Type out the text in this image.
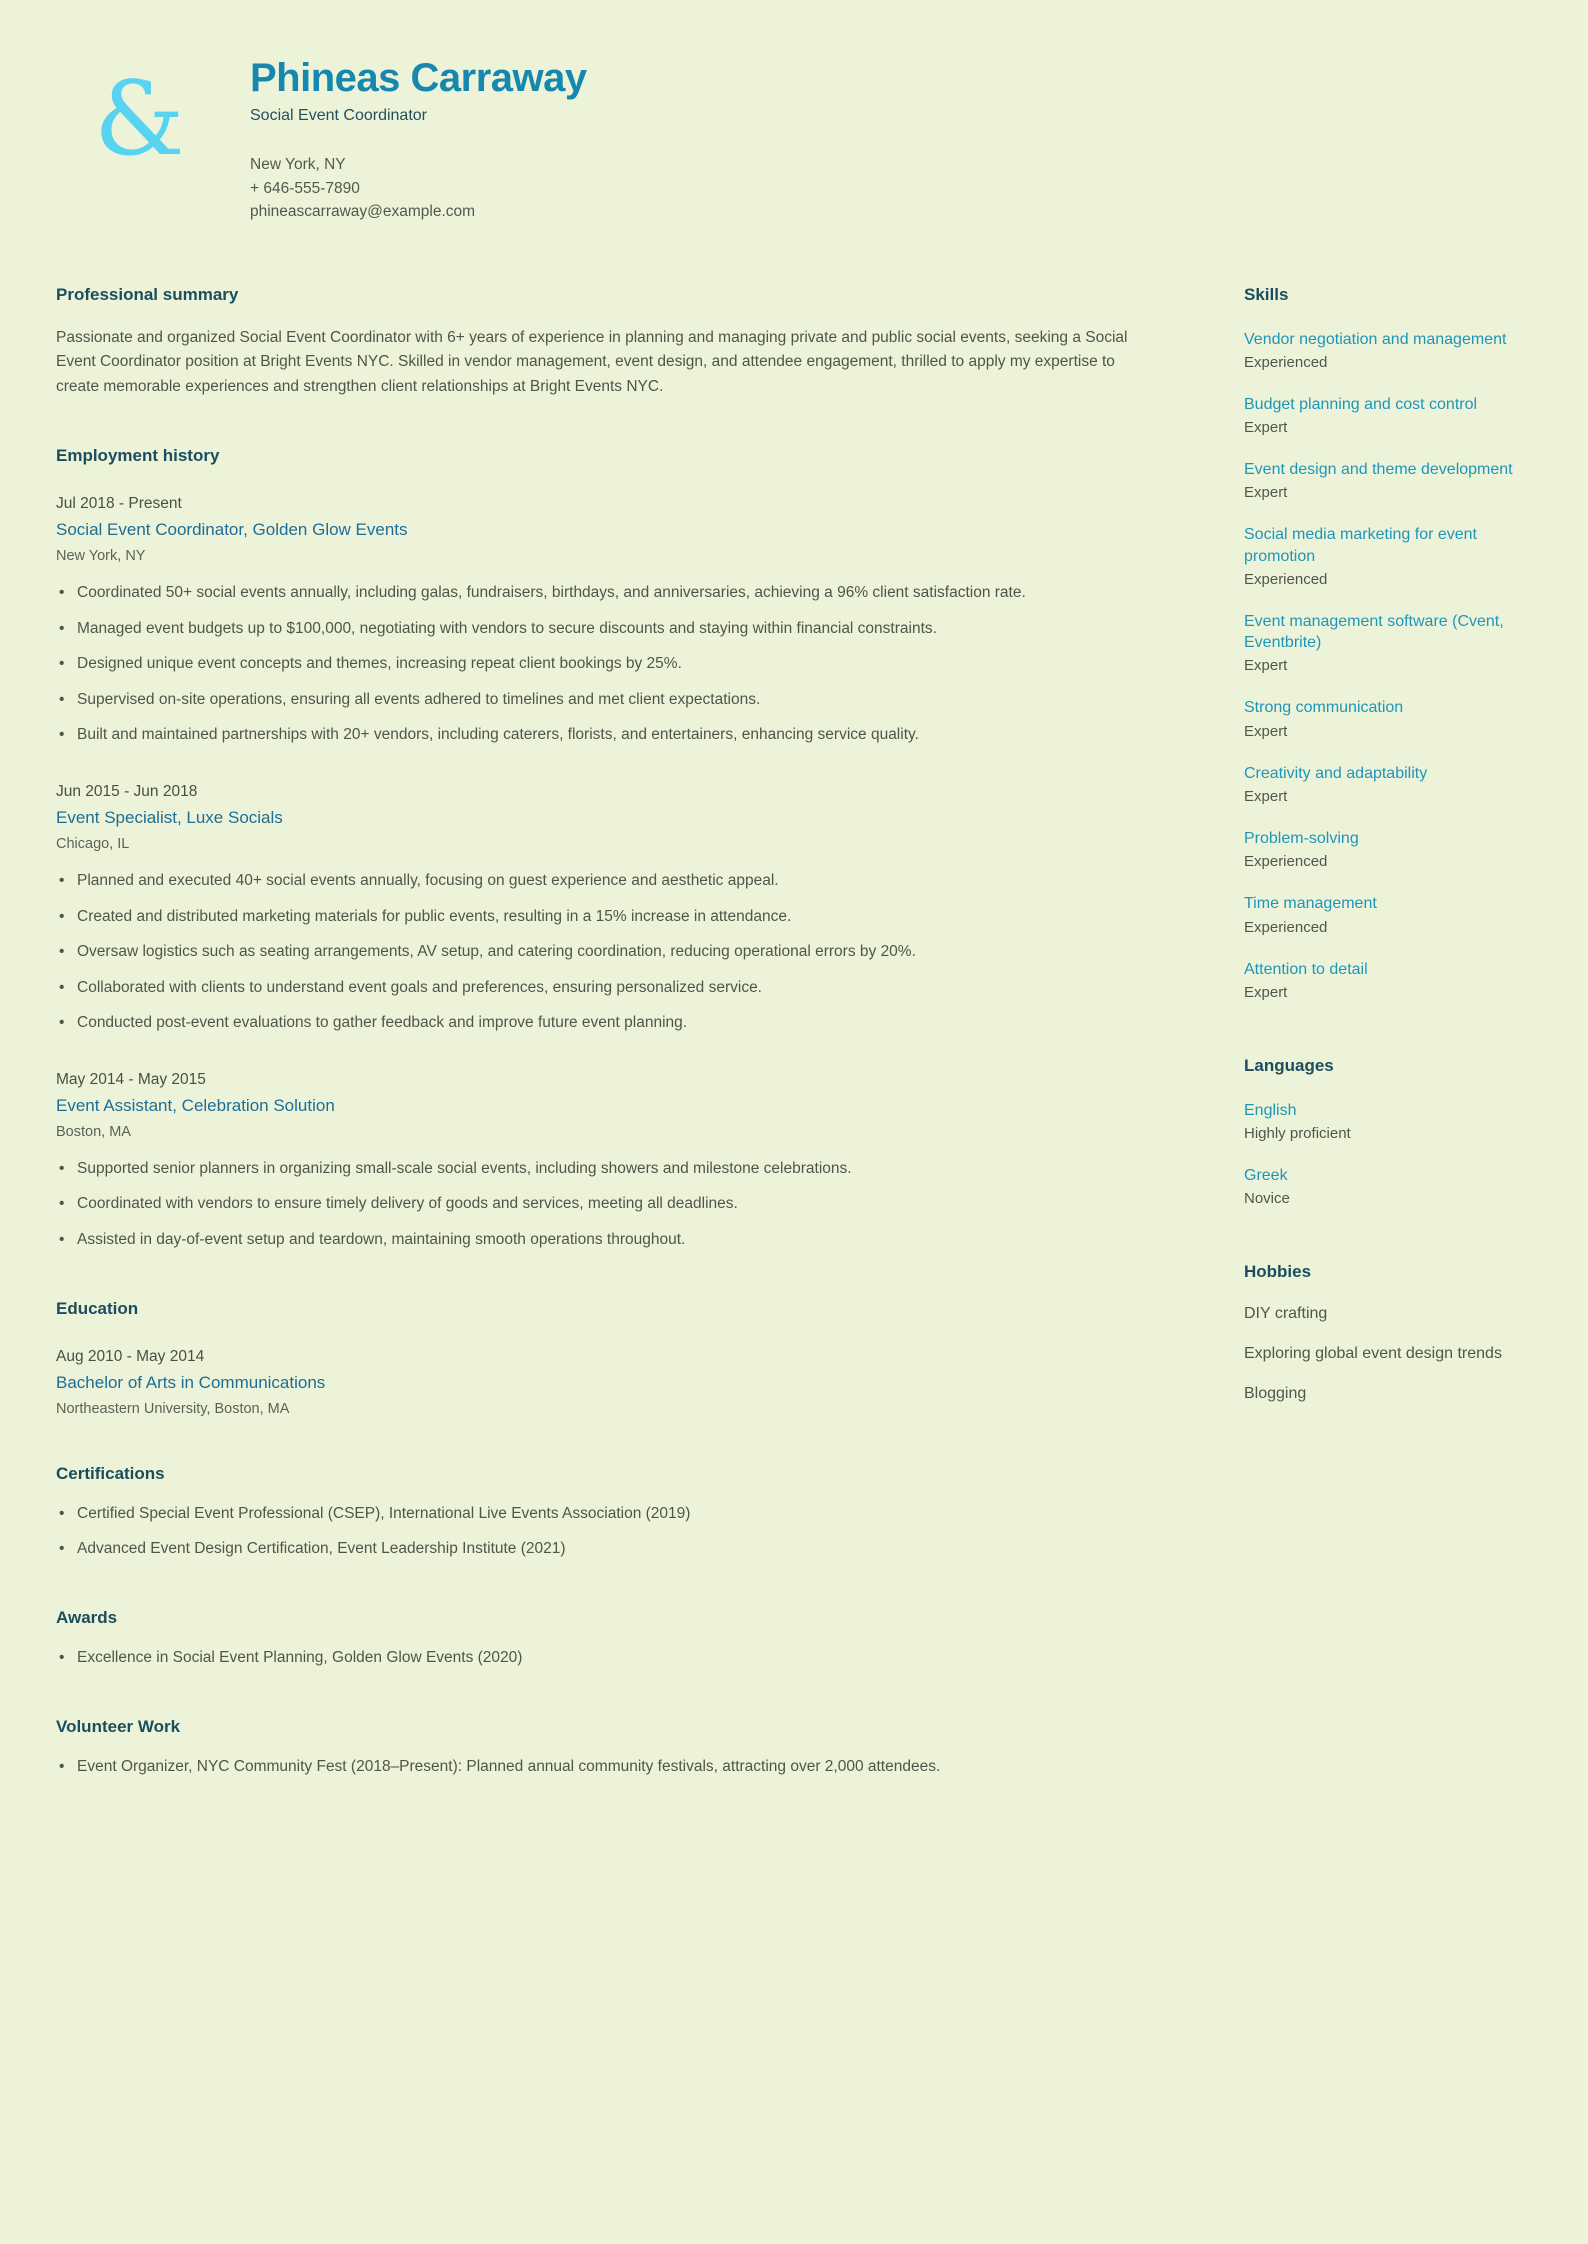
&	Phineas Carraway
Social Event Coordinator
New York, NY
+ 646-555-7890
phineascarraway@example.com
Professional summary

Passionate and organized Social Event Coordinator with 6+ years of experience in planning and managing private and public social events, seeking a Social Event Coordinator position at Bright Events NYC. Skilled in vendor management, event design, and attendee engagement, thrilled to apply my expertise to create memorable experiences and strengthen client relationships at Bright Events NYC.

Employment history
Jul 2018 - Present
Social Event Coordinator, Golden Glow Events
New York, NY
• Coordinated 50+ social events annually, including galas, fundraisers, birthdays, and anniversaries, achieving a 96% client satisfaction rate.
• Managed event budgets up to $100,000, negotiating with vendors to secure discounts and staying within financial constraints.
• Designed unique event concepts and themes, increasing repeat client bookings by 25%.
• Supervised on-site operations, ensuring all events adhered to timelines and met client expectations.
• Built and maintained partnerships with 20+ vendors, including caterers, florists, and entertainers, enhancing service quality.
Jun 2015 - Jun 2018
Event Specialist, Luxe Socials
Chicago, IL
• Planned and executed 40+ social events annually, focusing on guest experience and aesthetic appeal.
• Created and distributed marketing materials for public events, resulting in a 15% increase in attendance.
• Oversaw logistics such as seating arrangements, AV setup, and catering coordination, reducing operational errors by 20%.
• Collaborated with clients to understand event goals and preferences, ensuring personalized service.
• Conducted post-event evaluations to gather feedback and improve future event planning.
May 2014 - May 2015
Event Assistant, Celebration Solution
Boston, MA
• Supported senior planners in organizing small-scale social events, including showers and milestone celebrations.
• Coordinated with vendors to ensure timely delivery of goods and services, meeting all deadlines.
• Assisted in day-of-event setup and teardown, maintaining smooth operations throughout.
Education
Aug 2010 - May 2014
Bachelor of Arts in Communications
Northeastern University, Boston, MA
Certifications
• Certified Special Event Professional (CSEP), International Live Events Association (2019)
• Advanced Event Design Certification, Event Leadership Institute (2021)
Awards
• Excellence in Social Event Planning, Golden Glow Events (2020)
Volunteer Work
• Event Organizer, NYC Community Fest (2018–Present): Planned annual community festivals, attracting over 2,000 attendees.
Skills
Vendor negotiation and management
Experienced
Budget planning and cost control
Expert
Event design and theme development
Expert
Social media marketing for event promotion
Experienced
Event management software (Cvent, Eventbrite)
Expert
Strong communication
Expert
Creativity and adaptability
Expert
Problem-solving
Experienced
Time management
Experienced
Attention to detail
Expert
Languages
English
Highly proficient
Greek
Novice
Hobbies
DIY crafting
Exploring global event design trends
Blogging
